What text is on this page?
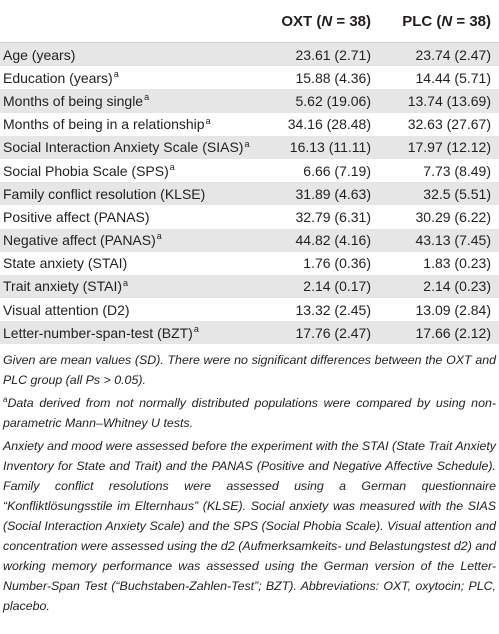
	OXT (N = 38)	PLC (N = 38)
Age (years)	23.61 (2.71)	23.74 (2.47)
Education (years)$^a$	15.88 (4.36)	14.44 (5.71)
Months of being single$^a$	5.62 (19.06)	13.74 (13.69)
Months of being in a relationship$^a$	34.16 (28.48)	32.63 (27.67)
Social Interaction Anxiety Scale (SIAS)$^a$	16.13 (11.11)	17.97 (12.12)
Social Phobia Scale (SPS)$^a$	6.66 (7.19)	7.73 (8.49)
Family conflict resolution (KLSE)	31.89 (4.63)	32.5 (5.51)
Positive affect (PANAS)	32.79 (6.31)	30.29 (6.22)
Negative affect (PANAS)$^a$	44.82 (4.16)	43.13 (7.45)
State anxiety (STAI)	1.76 (0.36)	1.83 (0.23)
Trait anxiety (STAI)$^a$	2.14 (0.17)	2.14 (0.23)
Visual attention (D2)	13.32 (2.45)	13.09 (2.84)
Letter-number-span-test (BZT)$^a$	17.76 (2.47)	17.66 (2.12)

Given are mean values (SD). There were no significant differences between the OXT and PLC group (all Ps > 0.05).

$^a$Data derived from not normally distributed populations were compared by using non-parametric Mann–Whitney U tests.

Anxiety and mood were assessed before the experiment with the STAI (State Trait Anxiety Inventory for State and Trait) and the PANAS (Positive and Negative Affective Schedule). Family conflict resolutions were assessed using a German questionnaire “Konfliktlösungsstile im Elternhaus” (KLSE). Social anxiety was measured with the SIAS (Social Interaction Anxiety Scale) and the SPS (Social Phobia Scale). Visual attention and concentration were assessed using the d2 (Aufmerksamkeits- und Belastungstest d2) and working memory performance was assessed using the German version of the Letter-Number-Span Test (“Buchstaben-Zahlen-Test”; BZT). Abbreviations: OXT, oxytocin; PLC, placebo.
